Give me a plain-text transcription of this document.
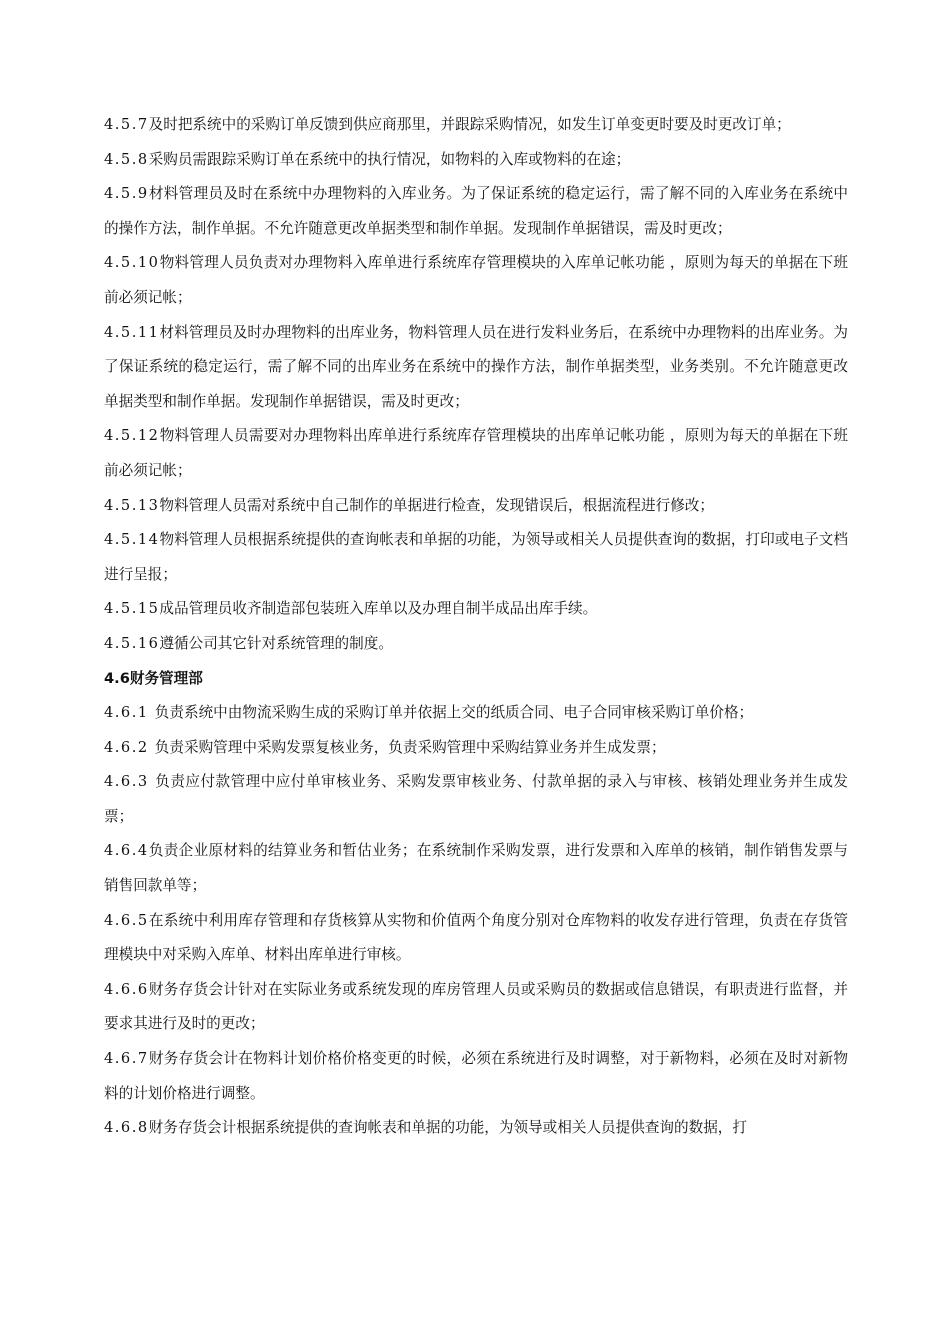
4.5.7及时把系统中的采购订单反馈到供应商那里，并跟踪采购情况，如发生订单变更时要及时更改订单；

4.5.8采购员需跟踪采购订单在系统中的执行情况，如物料的入库或物料的在途；

4.5.9材料管理员及时在系统中办理物料的入库业务。为了保证系统的稳定运行，需了解不同的入库业务在系统中的操作方法，制作单据。不允许随意更改单据类型和制作单据。发现制作单据错误，需及时更改；

4.5.10物料管理人员负责对办理物料入库单进行系统库存管理模块的入库单记帐功能 ，原则为每天的单据在下班前必须记帐；

4.5.11材料管理员及时办理物料的出库业务，物料管理人员在进行发料业务后，在系统中办理物料的出库业务。为了保证系统的稳定运行，需了解不同的出库业务在系统中的操作方法，制作单据类型，业务类别。不允许随意更改单据类型和制作单据。发现制作单据错误，需及时更改；

4.5.12物料管理人员需要对办理物料出库单进行系统库存管理模块的出库单记帐功能 ，原则为每天的单据在下班前必须记帐；

4.5.13物料管理人员需对系统中自己制作的单据进行检查，发现错误后，根据流程进行修改；

4.5.14物料管理人员根据系统提供的查询帐表和单据的功能，为领导或相关人员提供查询的数据，打印或电子文档进行呈报；

4.5.15成品管理员收齐制造部包装班入库单以及办理自制半成品出库手续。

4.5.16遵循公司其它针对系统管理的制度。

4.6财务管理部

4.6.1 负责系统中由物流采购生成的采购订单并依据上交的纸质合同、电子合同审核采购订单价格；

4.6.2 负责采购管理中采购发票复核业务，负责采购管理中采购结算业务并生成发票；

4.6.3 负责应付款管理中应付单审核业务、采购发票审核业务、付款单据的录入与审核、核销处理业务并生成发票；

4.6.4负责企业原材料的结算业务和暂估业务；在系统制作采购发票，进行发票和入库单的核销，制作销售发票与销售回款单等；

4.6.5在系统中利用库存管理和存货核算从实物和价值两个角度分别对仓库物料的收发存进行管理，负责在存货管理模块中对采购入库单、材料出库单进行审核。

4.6.6财务存货会计针对在实际业务或系统发现的库房管理人员或采购员的数据或信息错误，有职责进行监督，并要求其进行及时的更改；

4.6.7财务存货会计在物料计划价格价格变更的时候，必须在系统进行及时调整，对于新物料，必须在及时对新物料的计划价格进行调整。

4.6.8财务存货会计根据系统提供的查询帐表和单据的功能，为领导或相关人员提供查询的数据，打
